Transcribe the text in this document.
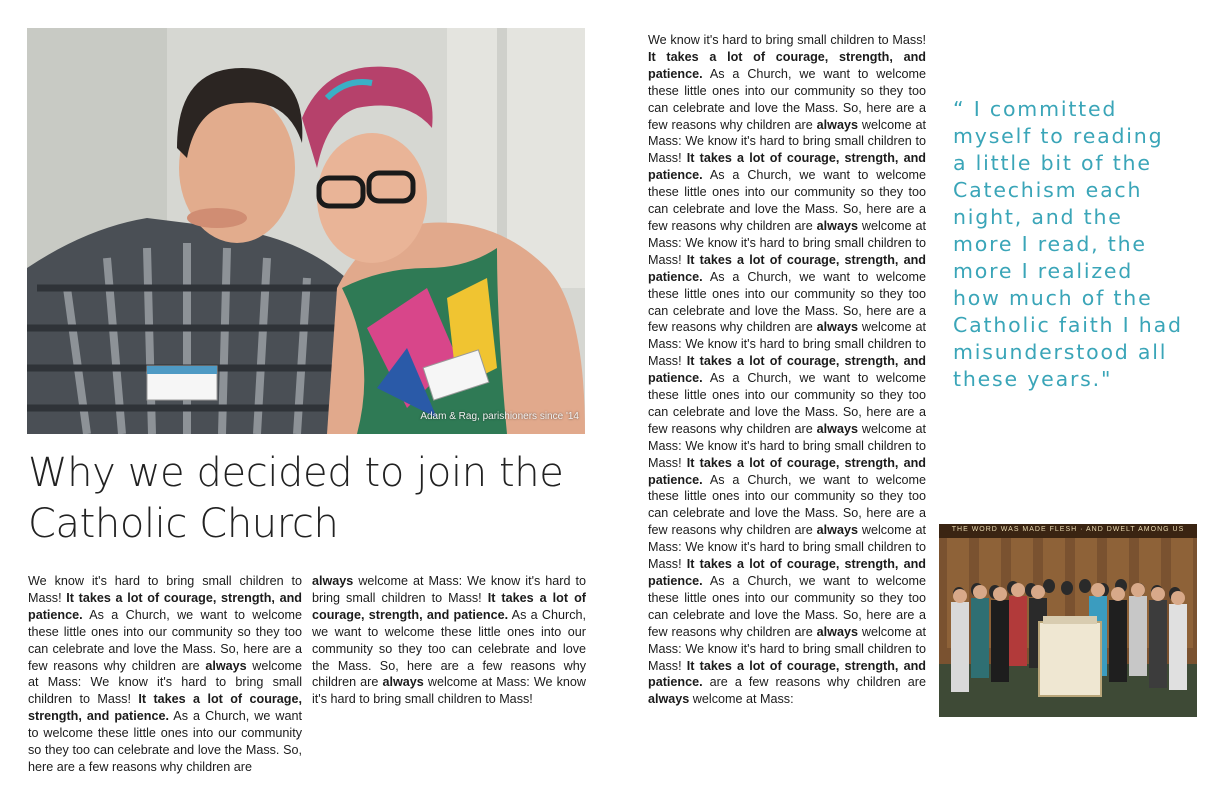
Adam & Rag, parishioners since '14
Why we decided to join the
Catholic Church

We know it's hard to bring small children to Mass! It takes a lot of courage, strength, and patience. As a Church, we want to welcome these little ones into our community so they too can celebrate and love the Mass. So, here are a few reasons why children are always welcome at Mass: We know it's hard to bring small children to Mass! It takes a lot of courage, strength, and patience. As a Church, we want to welcome these little ones into our community so they too can celebrate and love the Mass. So, here are a few reasons why children are

always welcome at Mass: We know it's hard to bring small children to Mass! It takes a lot of courage, strength, and patience. As a Church, we want to welcome these little ones into our community so they too can celebrate and love the Mass. So, here are a few reasons why children are always welcome at Mass: We know it's hard to bring small children to Mass!

We know it's hard to bring small children to Mass! It takes a lot of courage, strength, and patience. As a Church, we want to welcome these little ones into our community so they too can celebrate and love the Mass. So, here are a few reasons why children are always welcome at Mass: We know it's hard to bring small children to Mass! It takes a lot of courage, strength, and patience. As a Church, we want to welcome these little ones into our community so they too can celebrate and love the Mass. So, here are a few reasons why children are always welcome at Mass: We know it's hard to bring small children to Mass! It takes a lot of courage, strength, and patience. As a Church, we want to welcome these little ones into our community so they too can celebrate and love the Mass. So, here are a few reasons why children are always welcome at Mass: We know it's hard to bring small children to Mass! It takes a lot of courage, strength, and patience. As a Church, we want to welcome these little ones into our community so they too can celebrate and love the Mass. So, here are a few reasons why children are always welcome at Mass: We know it's hard to bring small children to Mass! It takes a lot of courage, strength, and patience. As a Church, we want to welcome these little ones into our community so they too can celebrate and love the Mass. So, here are a few reasons why children are always welcome at Mass: We know it's hard to bring small children to Mass! It takes a lot of courage, strength, and patience. As a Church, we want to welcome these little ones into our community so they too can celebrate and love the Mass. So, here are a few reasons why children are always welcome at Mass: We know it's hard to bring small children to Mass! It takes a lot of courage, strength, and patience. are a few reasons why children are always welcome at Mass:

“ I committed myself to reading a little bit of the Catechism each night, and the more I read, the more I realized how much of the Catholic faith I had misunderstood all these years."

THE WORD WAS MADE FLESH · AND DWELT AMONG US
